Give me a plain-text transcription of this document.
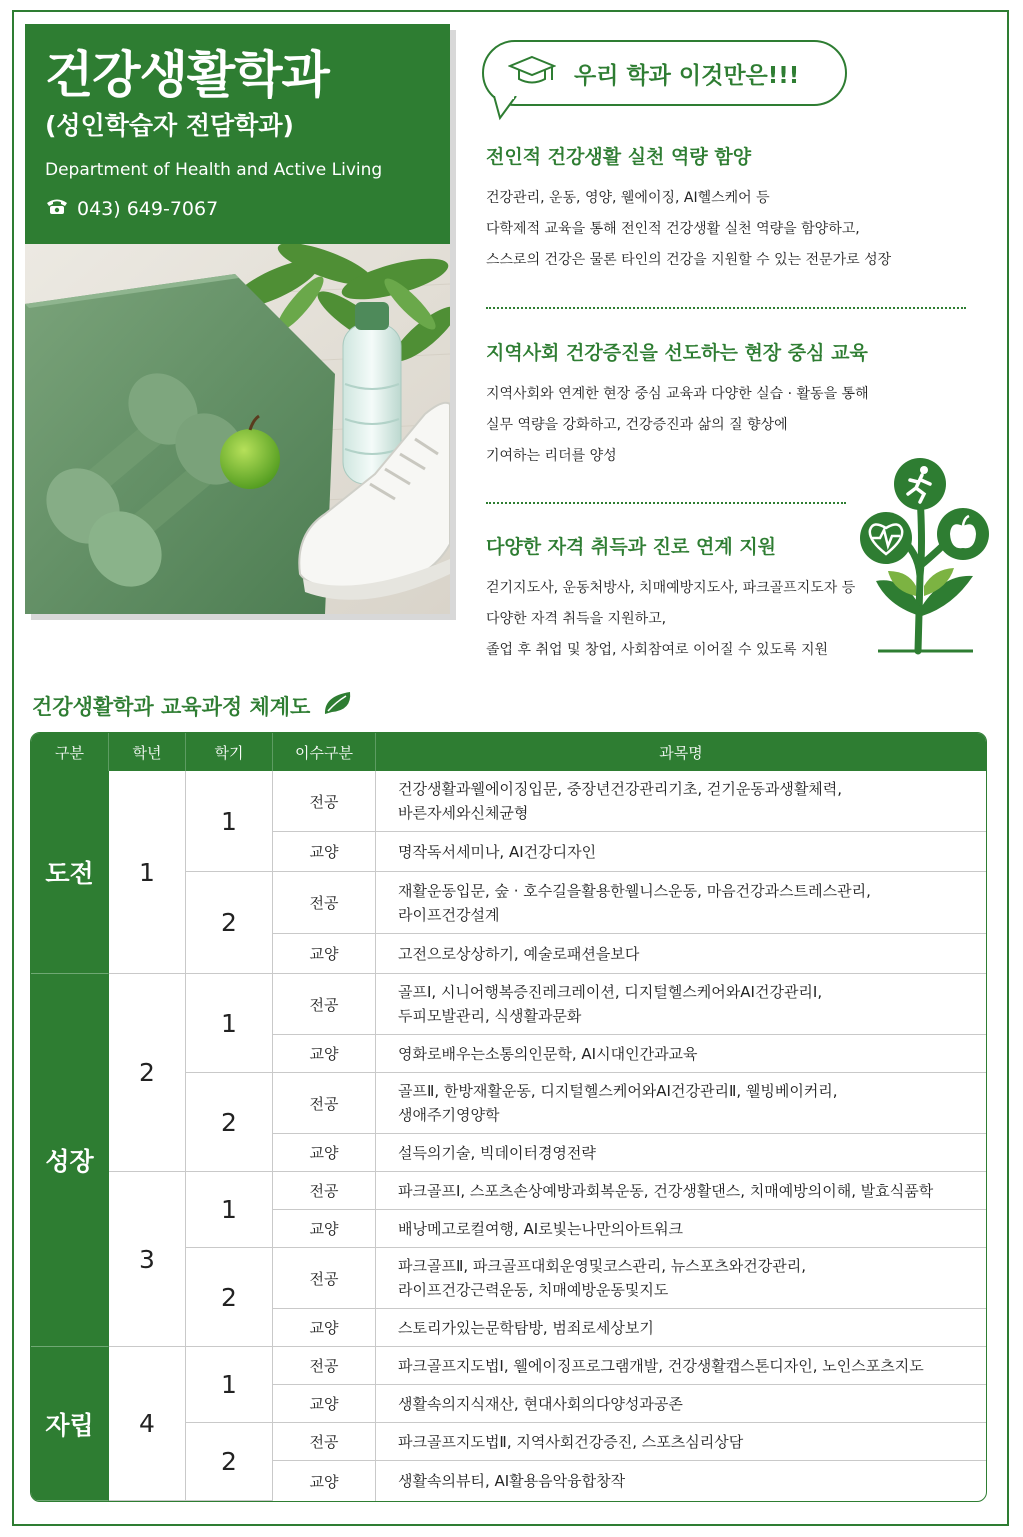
건강생활학과
(성인학습자 전담학과)
Department of Health and Active Living
043) 649-7067
우리 학과 이것만은!!!
전인적 건강생활 실천 역량 함양

건강관리, 운동, 영양, 웰에이징, AI헬스케어 등

다학제적 교육을 통해 전인적 건강생활 실천 역량을 함양하고,

스스로의 건강은 물론 타인의 건강을 지원할 수 있는 전문가로 성장

지역사회 건강증진을 선도하는 현장 중심 교육

지역사회와 연계한 현장 중심 교육과 다양한 실습 · 활동을 통해

실무 역량을 강화하고, 건강증진과 삶의 질 향상에

기여하는 리더를 양성

다양한 자격 취득과 진로 연계 지원

걷기지도사, 운동처방사, 치매예방지도사, 파크골프지도자 등

다양한 자격 취득을 지원하고,

졸업 후 취업 및 창업, 사회참여로 이어질 수 있도록 지원

건강생활학과 교육과정 체계도
구분	학년	학기	이수구분	과목명
도전	1	1	전공	건강생활과웰에이징입문, 중장년건강관리기초, 걷기운동과생활체력,
바른자세와신체균형

			교양	명작독서세미나, AI건강디자인
		2	전공	재활운동입문, 숲 · 호수길을활용한웰니스운동, 마음건강과스트레스관리,
라이프건강설계

			교양	고전으로상상하기, 예술로패션을보다
성장	2	1	전공	골프Ⅰ, 시니어행복증진레크레이션, 디지털헬스케어와AI건강관리Ⅰ,
두피모발관리, 식생활과문화

			교양	영화로배우는소통의인문학, AI시대인간과교육
		2	전공	골프Ⅱ, 한방재활운동, 디지털헬스케어와AI건강관리Ⅱ, 웰빙베이커리,
생애주기영양학

			교양	설득의기술, 빅데이터경영전략
	3	1	전공	파크골프Ⅰ, 스포츠손상예방과회복운동, 건강생활댄스, 치매예방의이해, 발효식품학
			교양	배낭메고로컬여행, AI로빛는나만의아트워크
		2	전공	파크골프Ⅱ, 파크골프대회운영및코스관리, 뉴스포츠와건강관리,
라이프건강근력운동, 치매예방운동및지도

			교양	스토리가있는문학탐방, 범죄로세상보기
자립	4	1	전공	파크골프지도법Ⅰ, 웰에이징프로그램개발, 건강생활캡스톤디자인, 노인스포츠지도
			교양	생활속의지식재산, 현대사회의다양성과공존
		2	전공	파크골프지도법Ⅱ, 지역사회건강증진, 스포츠심리상담
			교양	생활속의뷰티, AI활용음악융합창작
